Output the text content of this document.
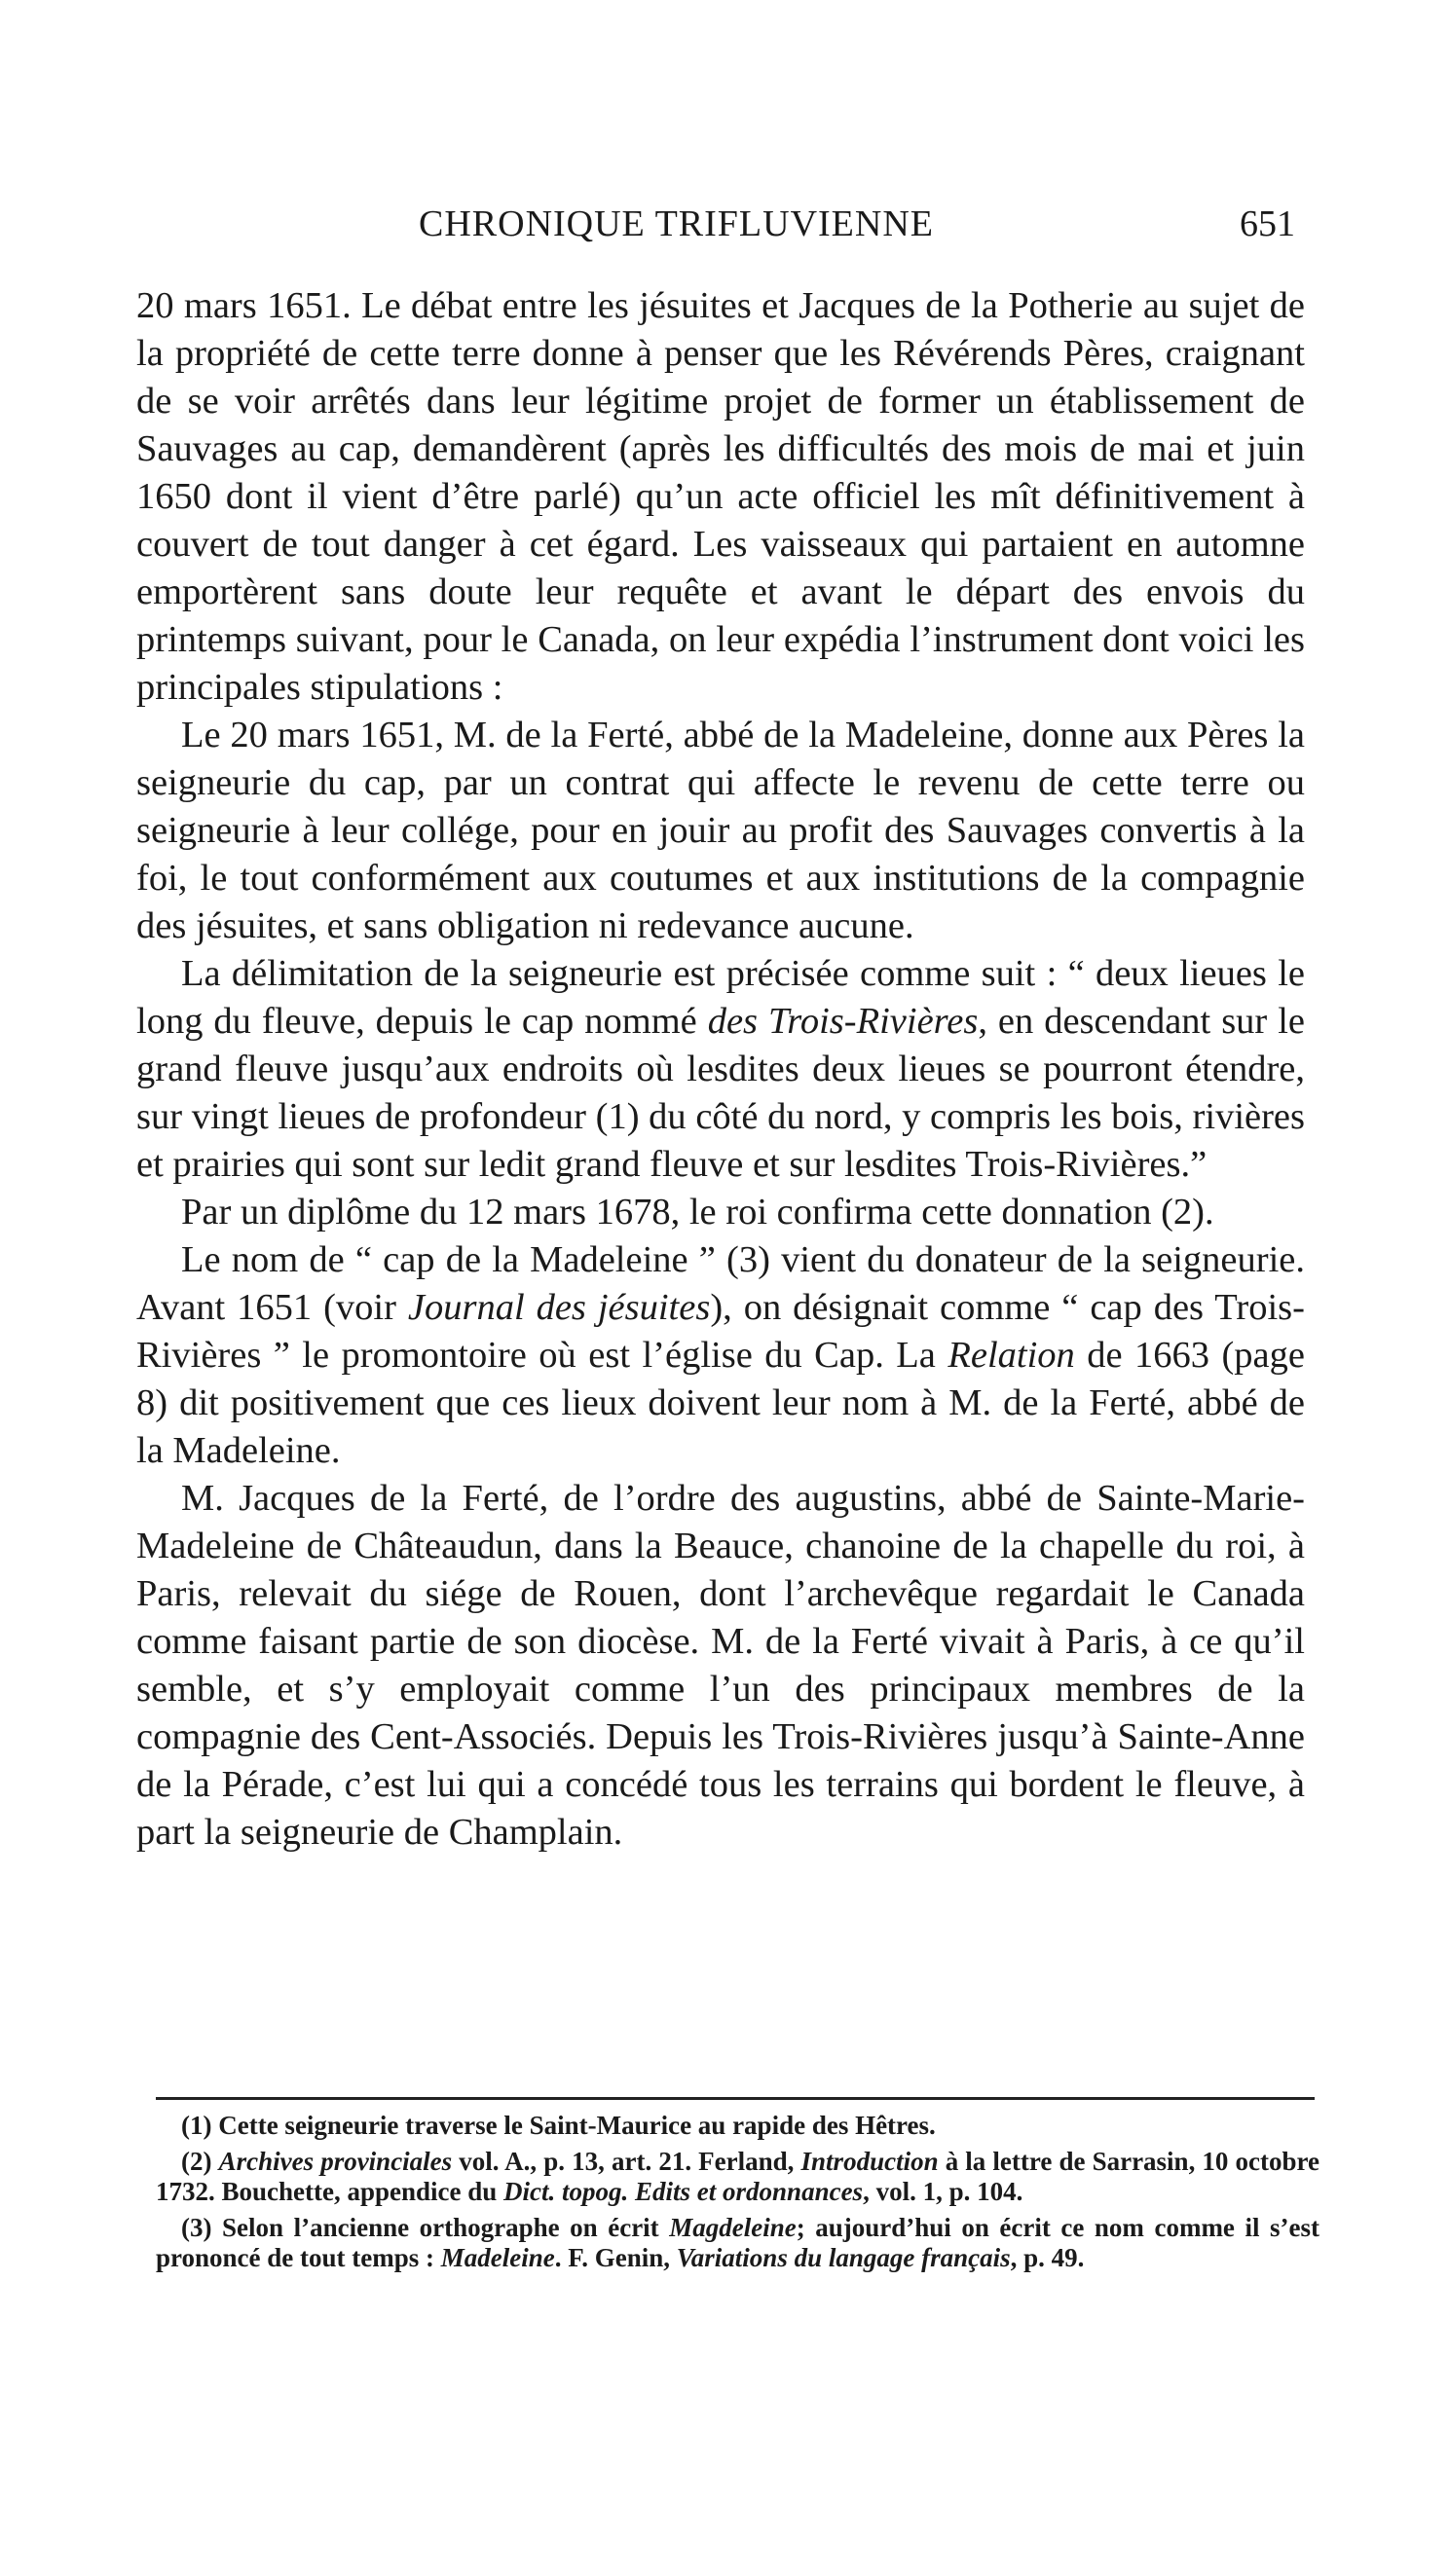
CHRONIQUE TRIFLUVIENNE	651

20 mars 1651. Le débat entre les jésuites et Jacques de la Potherie au sujet de la propriété de cette terre donne à penser que les Révérends Pères, craignant de se voir arrêtés dans leur légitime projet de former un établissement de Sauvages au cap, demandèrent (après les difficultés des mois de mai et juin 1650 dont il vient d’être parlé) qu’un acte officiel les mît définitivement à couvert de tout danger à cet égard. Les vaisseaux qui partaient en automne emportèrent sans doute leur requête et avant le départ des envois du printemps suivant, pour le Canada, on leur expédia l’instrument dont voici les principales stipulations :

Le 20 mars 1651, M. de la Ferté, abbé de la Madeleine, donne aux Pères la seigneurie du cap, par un contrat qui affecte le revenu de cette terre ou seigneurie à leur collége, pour en jouir au profit des Sauvages convertis à la foi, le tout conformément aux coutumes et aux institutions de la compagnie des jésuites, et sans obligation ni redevance aucune.

La délimitation de la seigneurie est précisée comme suit : “ deux lieues le long du fleuve, depuis le cap nommé des Trois-Rivières, en descendant sur le grand fleuve jusqu’aux endroits où lesdites deux lieues se pourront étendre, sur vingt lieues de profondeur (1) du côté du nord, y compris les bois, rivières et prairies qui sont sur ledit grand fleuve et sur lesdites Trois-Rivières.”

Par un diplôme du 12 mars 1678, le roi confirma cette donnation (2).

Le nom de “ cap de la Madeleine ” (3) vient du donateur de la seigneurie. Avant 1651 (voir Journal des jésuites), on désignait comme “ cap des Trois-Rivières ” le promontoire où est l’église du Cap. La Relation de 1663 (page 8) dit positivement que ces lieux doivent leur nom à M. de la Ferté, abbé de la Madeleine.

M. Jacques de la Ferté, de l’ordre des augustins, abbé de Sainte-Marie-Madeleine de Châteaudun, dans la Beauce, chanoine de la chapelle du roi, à Paris, relevait du siége de Rouen, dont l’archevêque regardait le Canada comme faisant partie de son diocèse. M. de la Ferté vivait à Paris, à ce qu’il semble, et s’y employait comme l’un des principaux membres de la compagnie des Cent-Associés. Depuis les Trois-Rivières jusqu’à Sainte-Anne de la Pérade, c’est lui qui a concédé tous les terrains qui bordent le fleuve, à part la seigneurie de Champlain.

(1) Cette seigneurie traverse le Saint-Maurice au rapide des Hêtres.

(2) Archives provinciales vol. A., p. 13, art. 21. Ferland, Introduction à la lettre de Sarrasin, 10 octobre 1732. Bouchette, appendice du Dict. topog. Edits et ordonnances, vol. 1, p. 104.

(3) Selon l’ancienne orthographe on écrit Magdeleine; aujourd’hui on écrit ce nom comme il s’est prononcé de tout temps : Madeleine. F. Genin, Variations du langage français, p. 49.
